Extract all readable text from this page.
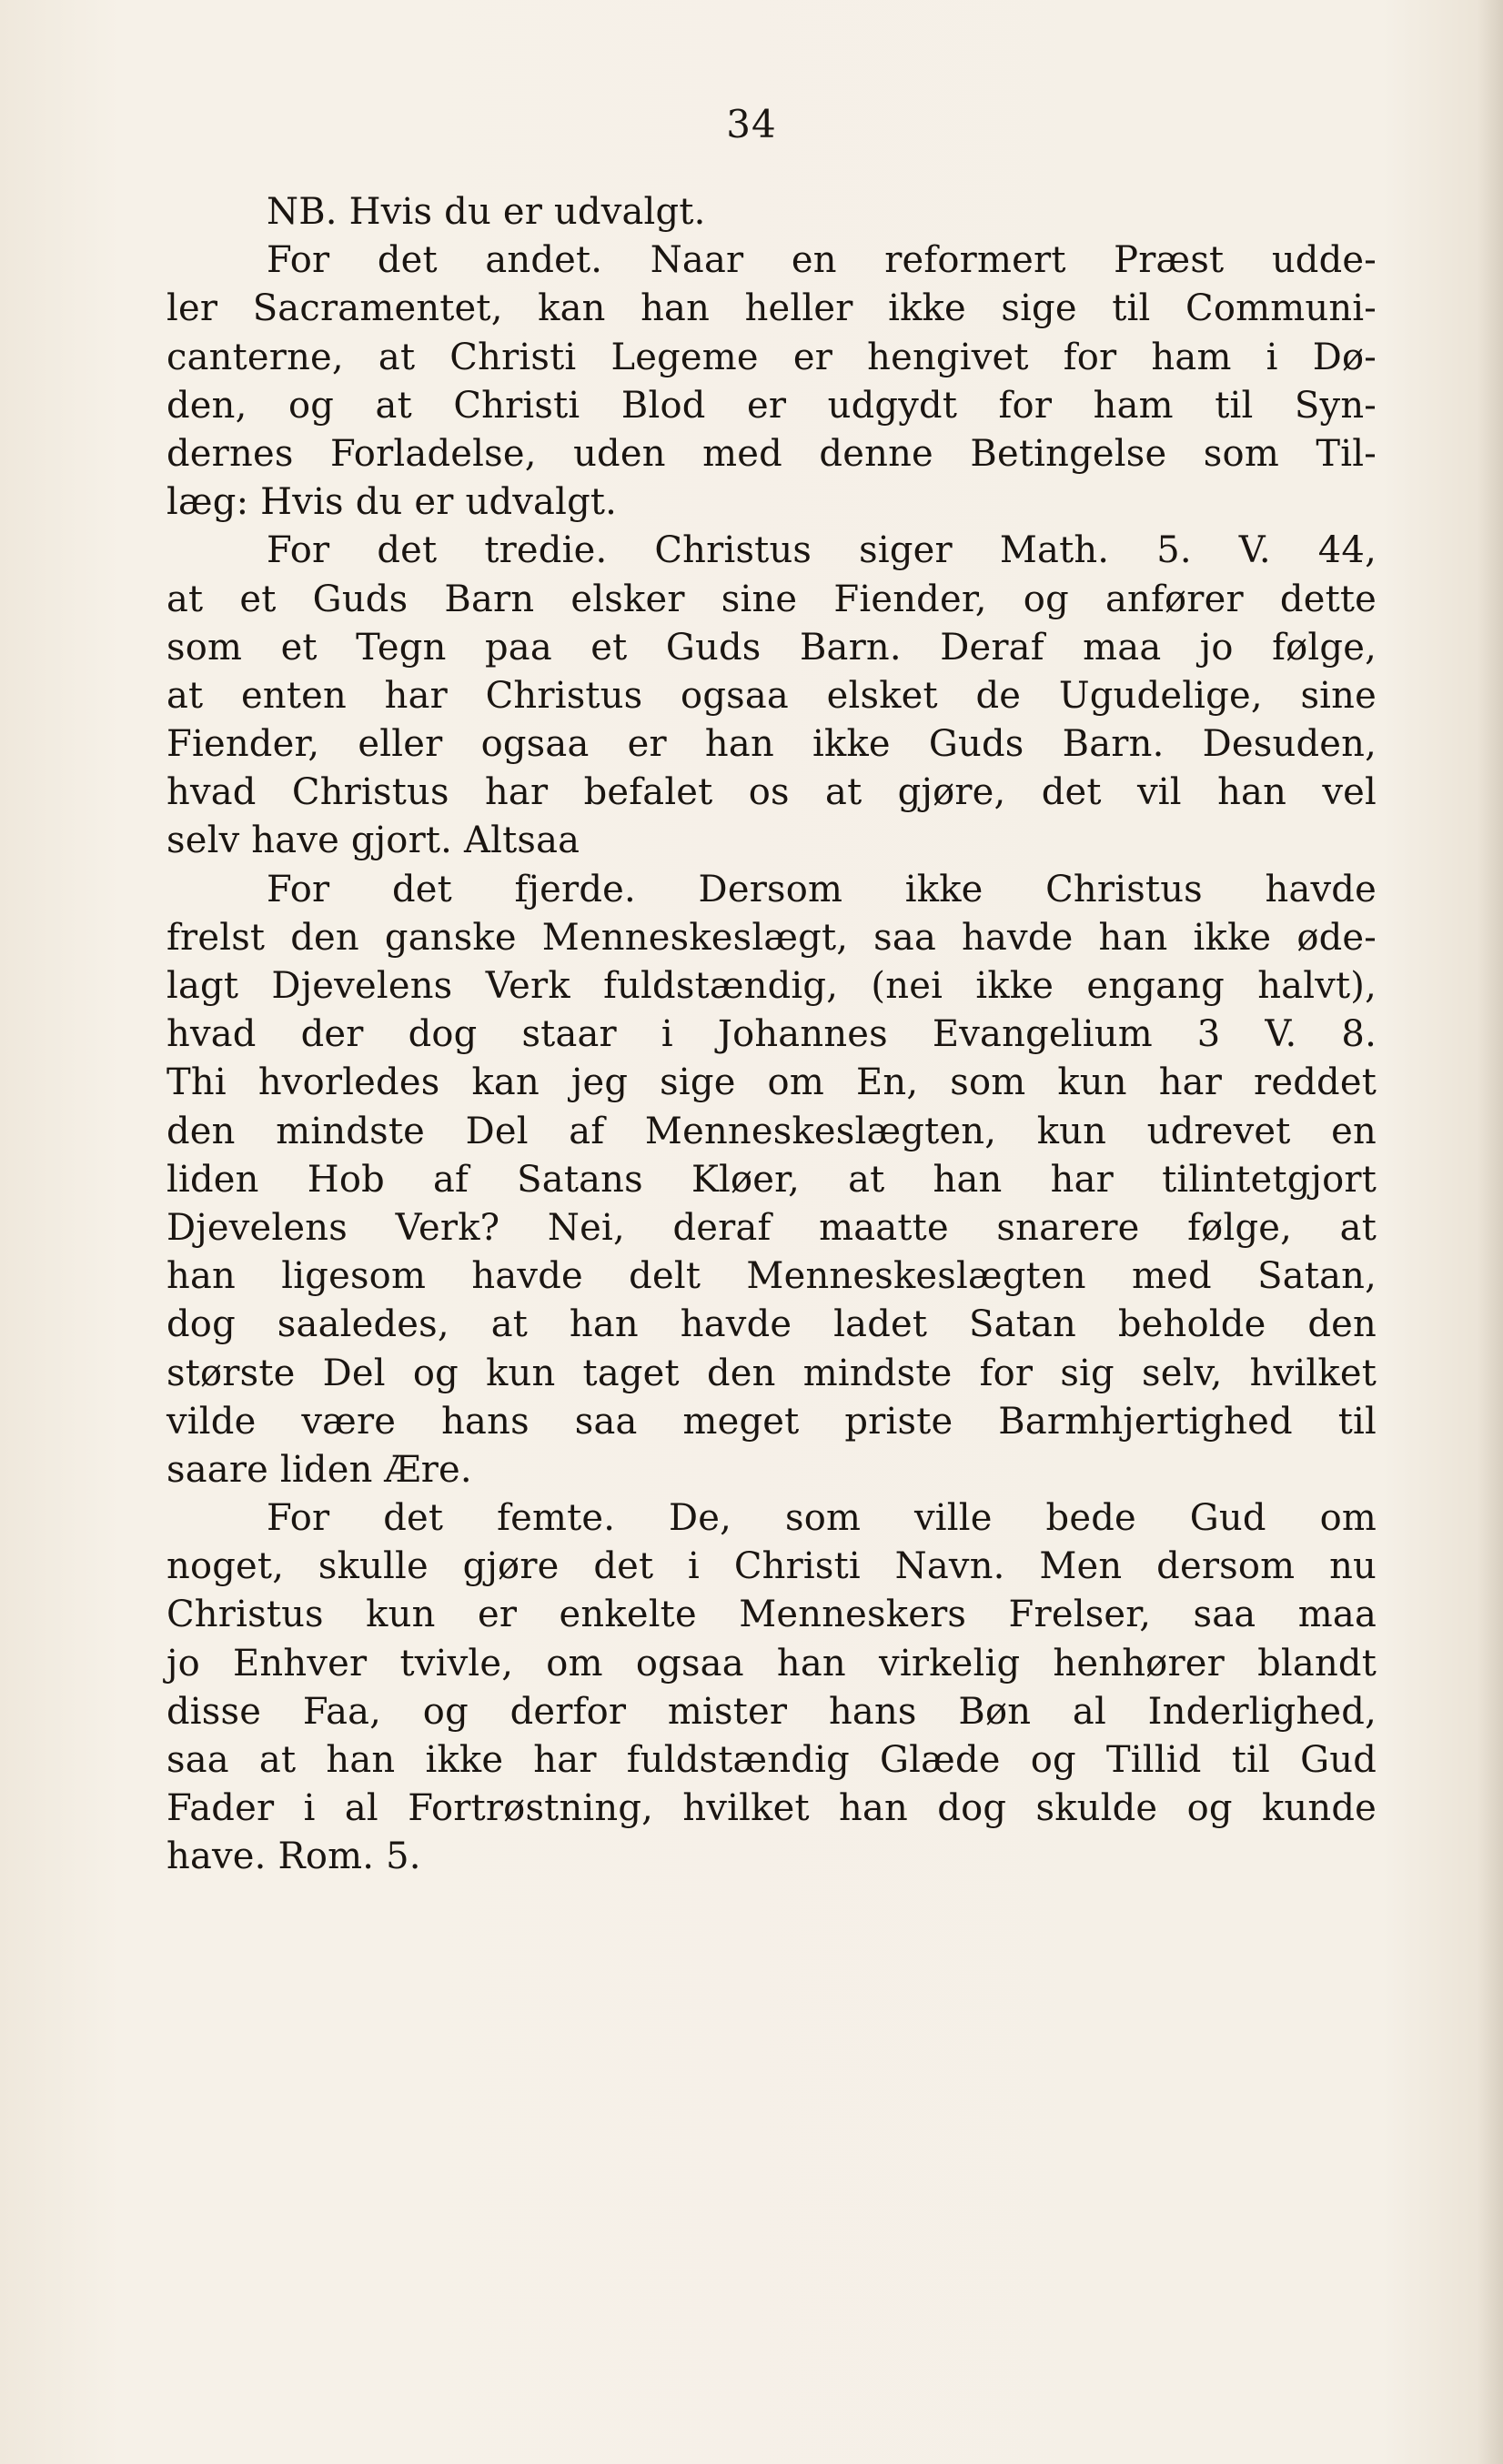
34
NB. Hvis du er udvalgt.
For det andet. Naar en reformert Præst udde-
ler Sacramentet, kan han heller ikke sige til Communi-
canterne, at Christi Legeme er hengivet for ham i Dø-
den, og at Christi Blod er udgydt for ham til Syn-
dernes Forladelse, uden med denne Betingelse som Til-
læg: Hvis du er udvalgt.
For det tredie. Christus siger Math. 5. V. 44,
at et Guds Barn elsker sine Fiender, og anfører dette
som et Tegn paa et Guds Barn. Deraf maa jo følge,
at enten har Christus ogsaa elsket de Ugudelige, sine
Fiender, eller ogsaa er han ikke Guds Barn. Desuden,
hvad Christus har befalet os at gjøre, det vil han vel
selv have gjort. Altsaa
For det fjerde. Dersom ikke Christus havde
frelst den ganske Menneskeslægt, saa havde han ikke øde-
lagt Djevelens Verk fuldstændig, (nei ikke engang halvt),
hvad der dog staar i Johannes Evangelium 3 V. 8.
Thi hvorledes kan jeg sige om En, som kun har reddet
den mindste Del af Menneskeslægten, kun udrevet en
liden Hob af Satans Kløer, at han har tilintetgjort
Djevelens Verk? Nei, deraf maatte snarere følge, at
han ligesom havde delt Menneskeslægten med Satan,
dog saaledes, at han havde ladet Satan beholde den
største Del og kun taget den mindste for sig selv, hvilket
vilde være hans saa meget priste Barmhjertighed til
saare liden Ære.
For det femte. De, som ville bede Gud om
noget, skulle gjøre det i Christi Navn. Men dersom nu
Christus kun er enkelte Menneskers Frelser, saa maa
jo Enhver tvivle, om ogsaa han virkelig henhører blandt
disse Faa, og derfor mister hans Bøn al Inderlighed,
saa at han ikke har fuldstændig Glæde og Tillid til Gud
Fader i al Fortrøstning, hvilket han dog skulde og kunde
have. Rom. 5.
